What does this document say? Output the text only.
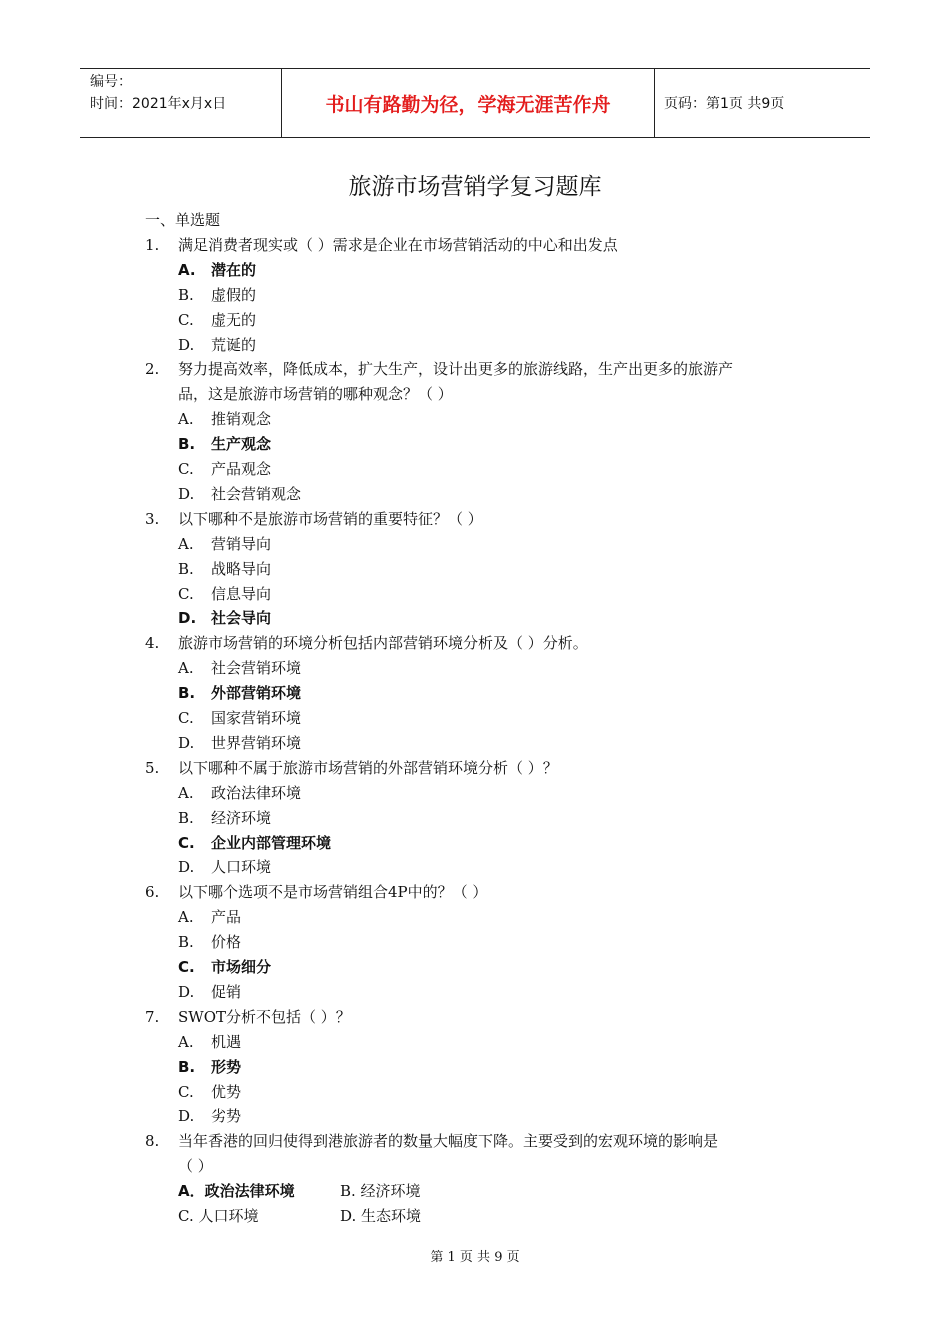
编号：
时间：2021年x月x日	书山有路勤为径，学海无涯苦作舟	页码：第1页 共9页
旅游市场营销学复习题库
一、单选题
1. 满足消费者现实或（ ）需求是企业在市场营销活动的中心和出发点
A. 潜在的
B. 虚假的
C. 虚无的
D. 荒诞的
2. 努力提高效率，降低成本，扩大生产，设计出更多的旅游线路，生产出更多的旅游产
品，这是旅游市场营销的哪种观念？（ ）
A. 推销观念
B. 生产观念
C. 产品观念
D. 社会营销观念
3. 以下哪种不是旅游市场营销的重要特征？（ ）
A. 营销导向
B. 战略导向
C. 信息导向
D. 社会导向
4. 旅游市场营销的环境分析包括内部营销环境分析及（ ）分析。
A. 社会营销环境
B. 外部营销环境
C. 国家营销环境
D. 世界营销环境
5. 以下哪种不属于旅游市场营销的外部营销环境分析（ ）？
A. 政治法律环境
B. 经济环境
C. 企业内部管理环境
D. 人口环境
6. 以下哪个选项不是市场营销组合4P中的？（ ）
A. 产品
B. 价格
C. 市场细分
D. 促销
7. SWOT分析不包括（ ）？
A. 机遇
B. 形势
C. 优势
D. 劣势
8. 当年香港的回归使得到港旅游者的数量大幅度下降。主要受到的宏观环境的影响是
（ ）
A．政治法律环境	B. 经济环境
C. 人口环境	D. 生态环境
第 1 页 共 9 页
